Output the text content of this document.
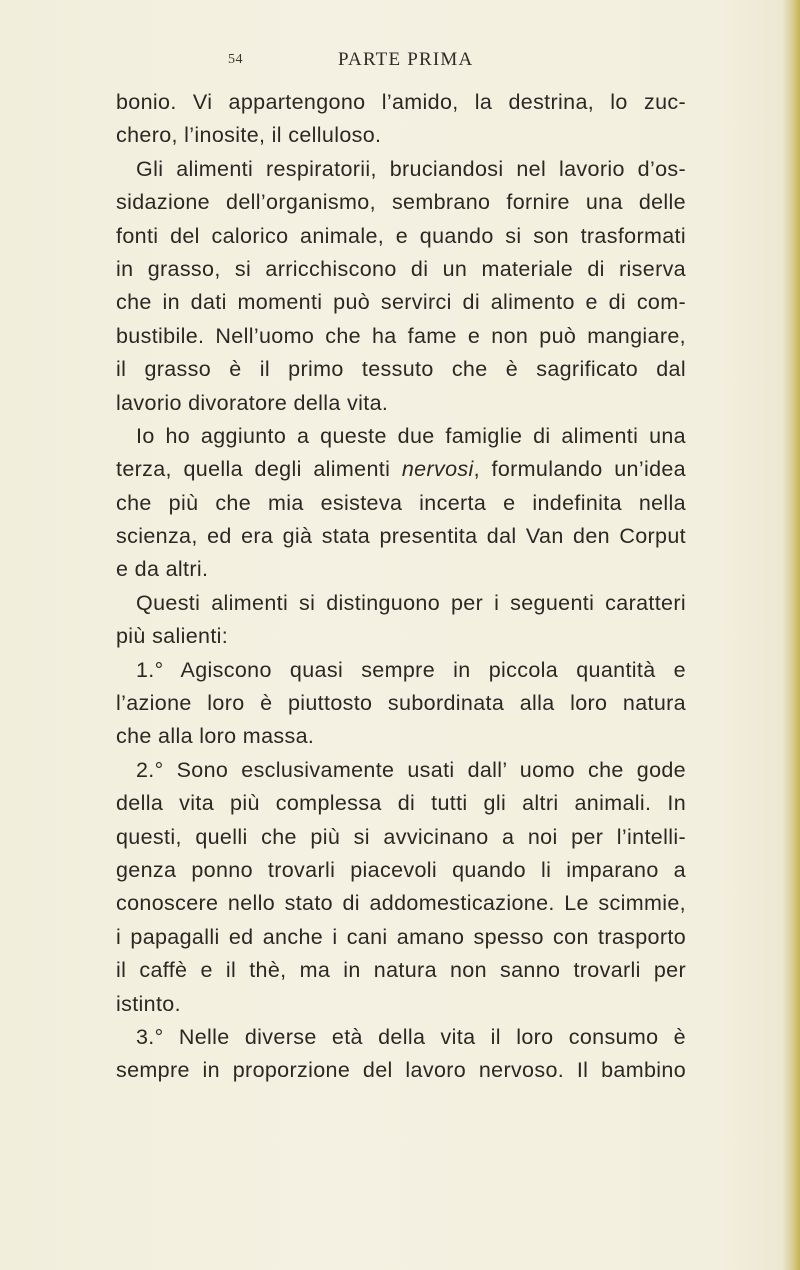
54	PARTE PRIMA
bonio. Vi appartengono l’amido, la destrina, lo zuc-
chero, l’inosite, il celluloso.
Gli alimenti respiratorii, bruciandosi nel lavorio d’os-
sidazione dell’organismo, sembrano fornire una delle
fonti del calorico animale, e quando si son trasformati
in grasso, si arricchiscono di un materiale di riserva
che in dati momenti può servirci di alimento e di com-
bustibile. Nell’uomo che ha fame e non può mangiare,
il grasso è il primo tessuto che è sagrificato dal
lavorio divoratore della vita.
Io ho aggiunto a queste due famiglie di alimenti una
terza, quella degli alimenti nervosi, formulando un’idea
che più che mia esisteva incerta e indefinita nella
scienza, ed era già stata presentita dal Van den Corput
e da altri.
Questi alimenti si distinguono per i seguenti caratteri
più salienti:
1.° Agiscono quasi sempre in piccola quantità e
l’azione loro è piuttosto subordinata alla loro natura
che alla loro massa.
2.° Sono esclusivamente usati dall’ uomo che gode
della vita più complessa di tutti gli altri animali. In
questi, quelli che più si avvicinano a noi per l’intelli-
genza ponno trovarli piacevoli quando li imparano a
conoscere nello stato di addomesticazione. Le scimmie,
i papagalli ed anche i cani amano spesso con trasporto
il caffè e il thè, ma in natura non sanno trovarli per
istinto.
3.° Nelle diverse età della vita il loro consumo è
sempre in proporzione del lavoro nervoso. Il bambino
